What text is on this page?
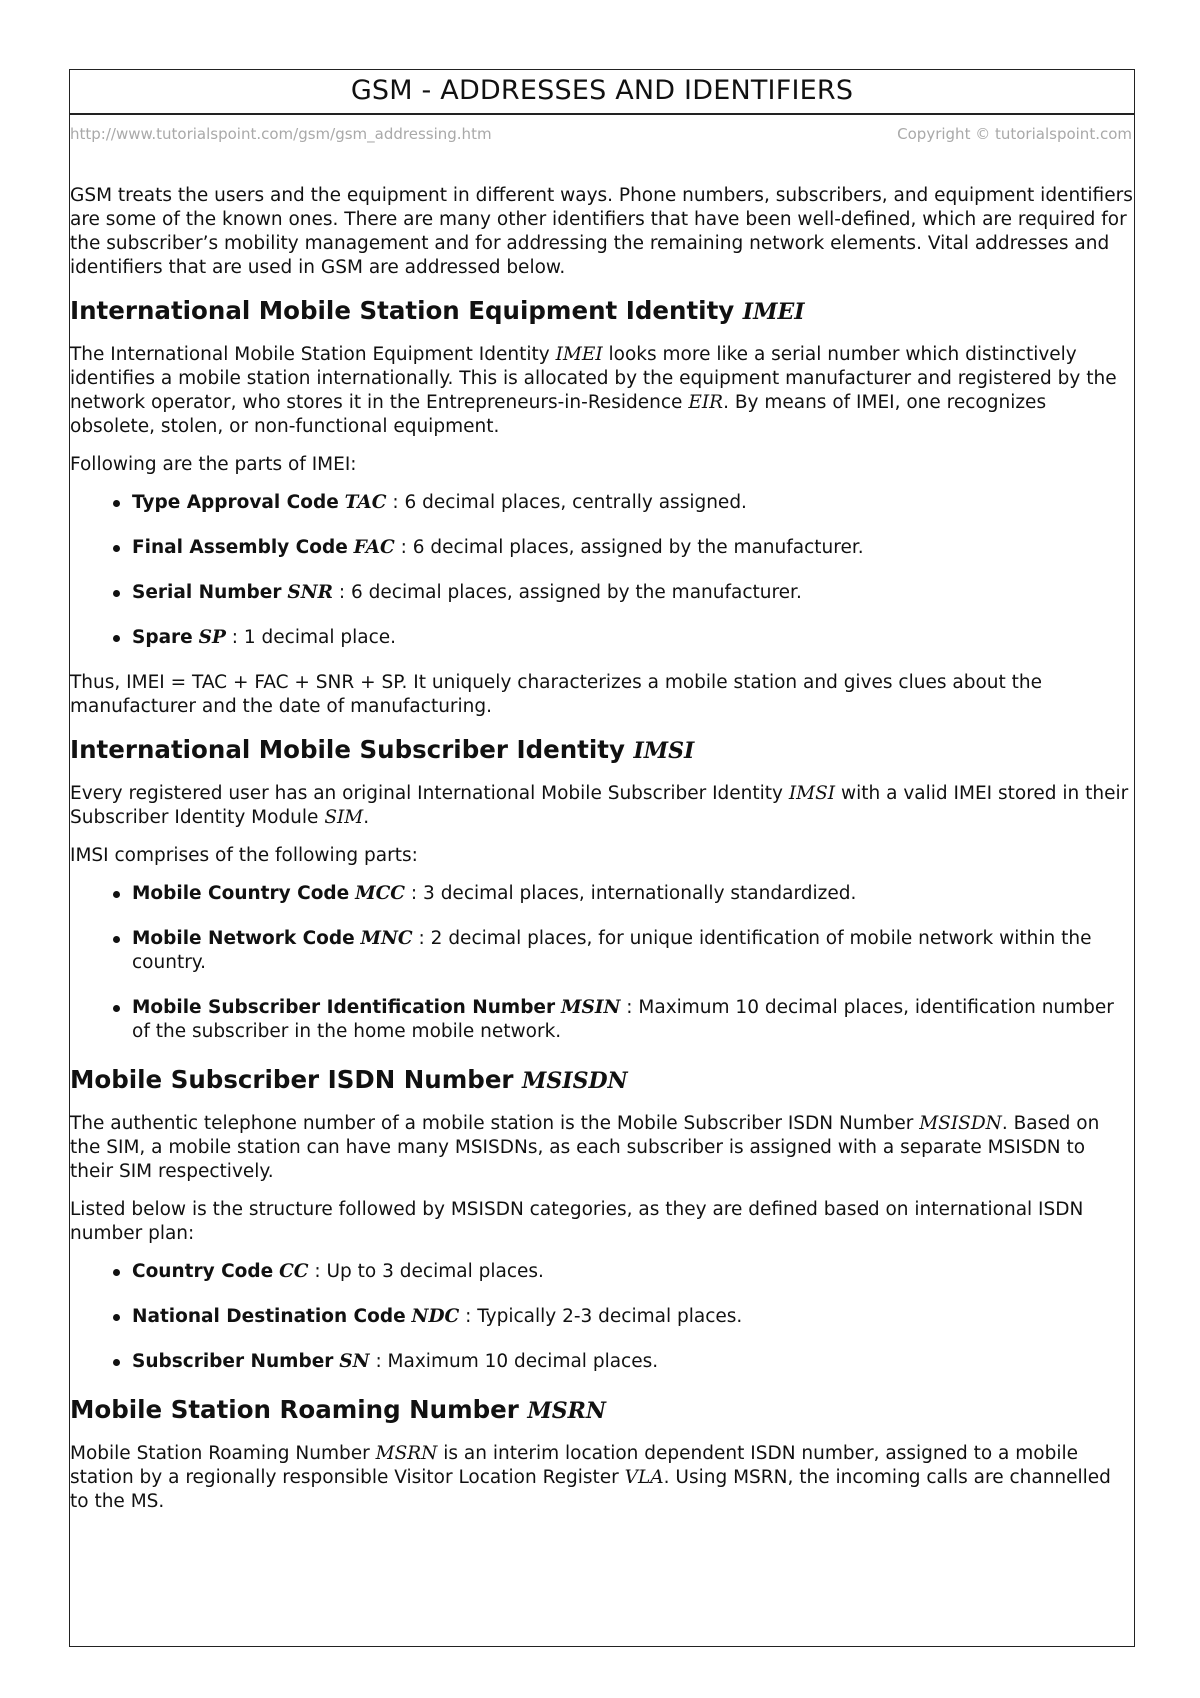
GSM - ADDRESSES AND IDENTIFIERS
http://www.tutorialspoint.com/gsm/gsm_addressing.htm	Copyright © tutorialspoint.com

GSM treats the users and the equipment in different ways. Phone numbers, subscribers, and equipment identifiers are some of the known ones. There are many other identifiers that have been well-defined, which are required for the subscriber’s mobility management and for addressing the remaining network elements. Vital addresses and identifiers that are used in GSM are addressed below.

International Mobile Station Equipment Identity IMEI

The International Mobile Station Equipment Identity IMEI looks more like a serial number which distinctively identifies a mobile station internationally. This is allocated by the equipment manufacturer and registered by the network operator, who stores it in the Entrepreneurs-in-Residence EIR. By means of IMEI, one recognizes obsolete, stolen, or non-functional equipment.

Following are the parts of IMEI:

Type Approval Code TAC : 6 decimal places, centrally assigned.
Final Assembly Code FAC : 6 decimal places, assigned by the manufacturer.
Serial Number SNR : 6 decimal places, assigned by the manufacturer.
Spare SP : 1 decimal place.

Thus, IMEI = TAC + FAC + SNR + SP. It uniquely characterizes a mobile station and gives clues about the manufacturer and the date of manufacturing.

International Mobile Subscriber Identity IMSI

Every registered user has an original International Mobile Subscriber Identity IMSI with a valid IMEI stored in their Subscriber Identity Module SIM.

IMSI comprises of the following parts:

Mobile Country Code MCC : 3 decimal places, internationally standardized.
Mobile Network Code MNC : 2 decimal places, for unique identification of mobile network within the country.
Mobile Subscriber Identification Number MSIN : Maximum 10 decimal places, identification number of the subscriber in the home mobile network.
Mobile Subscriber ISDN Number MSISDN

The authentic telephone number of a mobile station is the Mobile Subscriber ISDN Number MSISDN. Based on the SIM, a mobile station can have many MSISDNs, as each subscriber is assigned with a separate MSISDN to their SIM respectively.

Listed below is the structure followed by MSISDN categories, as they are defined based on international ISDN number plan:

Country Code CC : Up to 3 decimal places.
National Destination Code NDC : Typically 2-3 decimal places.
Subscriber Number SN : Maximum 10 decimal places.
Mobile Station Roaming Number MSRN

Mobile Station Roaming Number MSRN is an interim location dependent ISDN number, assigned to a mobile station by a regionally responsible Visitor Location Register VLA. Using MSRN, the incoming calls are channelled to the MS.
